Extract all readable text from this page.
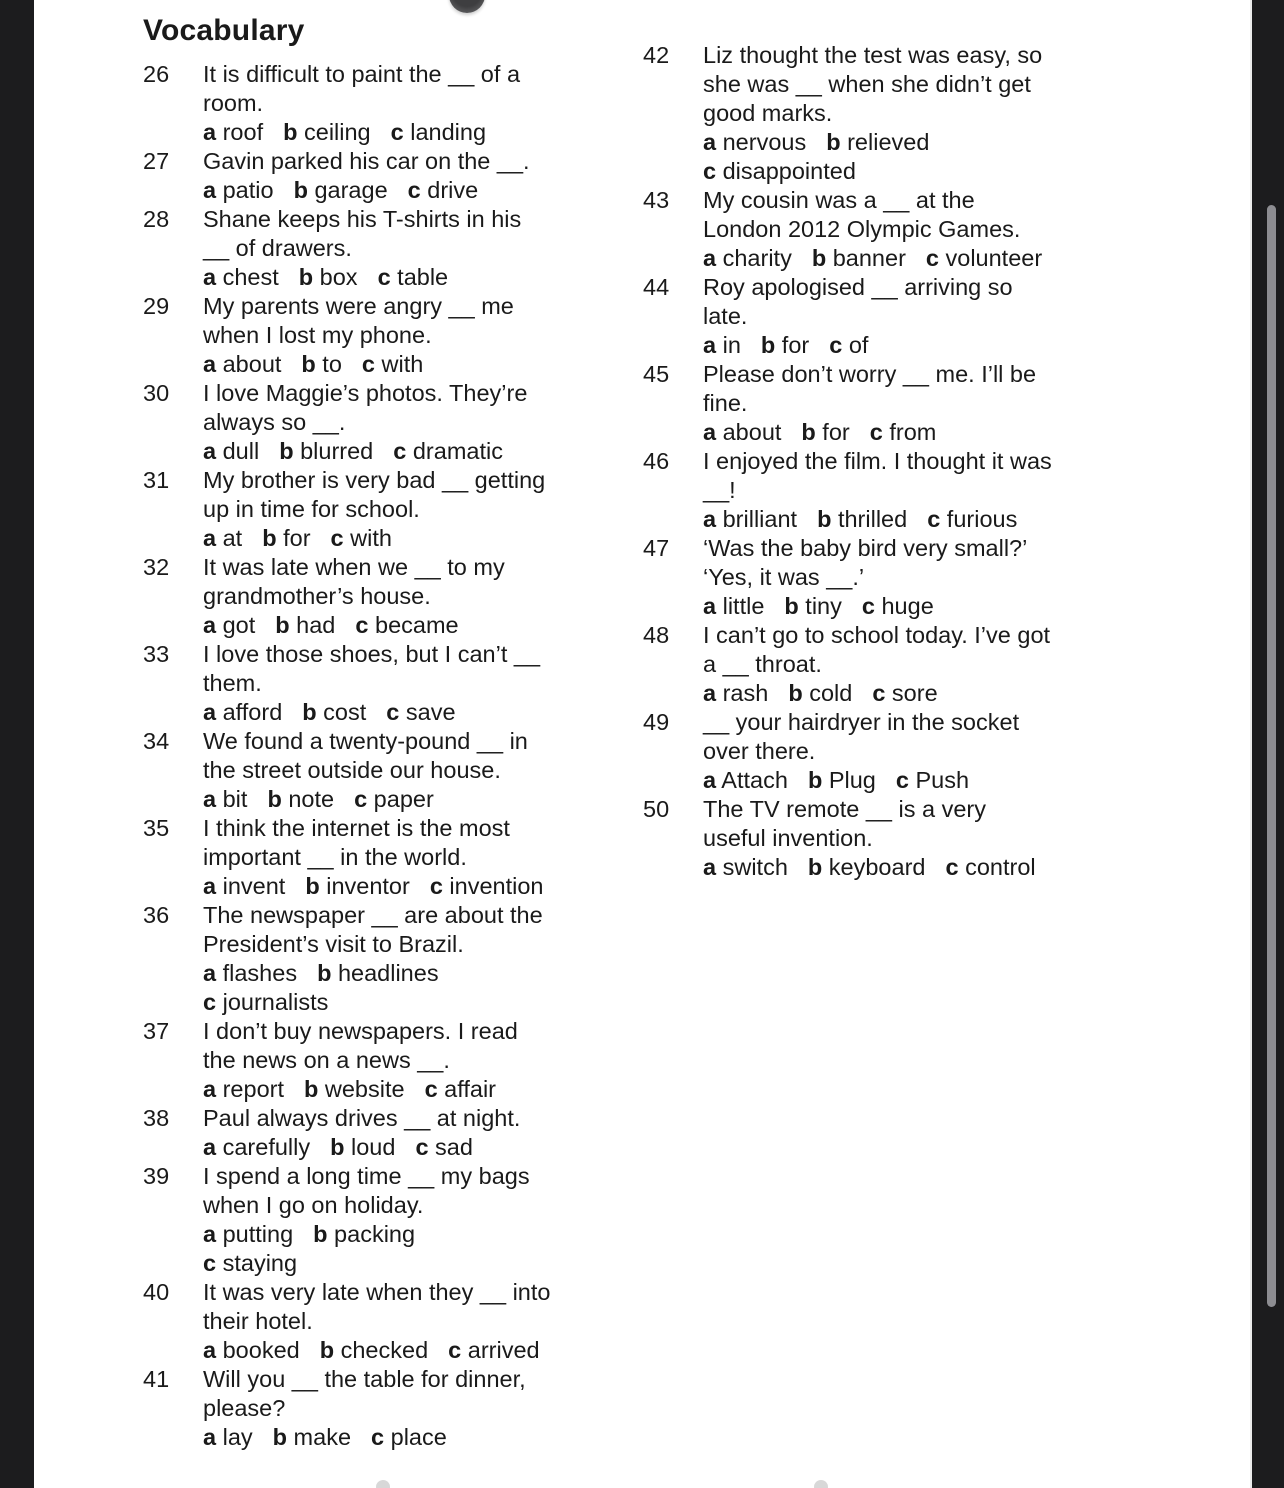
Vocabulary
26	It is difficult to paint the __ of a
room.
a roof b ceiling c landing
27	Gavin parked his car on the __.
a patio b garage c drive
28	Shane keeps his T-shirts in his
__ of drawers.
a chest b box c table
29	My parents were angry __ me
when I lost my phone.
a about b to c with
30	I love Maggie’s photos. They’re
always so __.
a dull b blurred c dramatic
31	My brother is very bad __ getting
up in time for school.
a at b for c with
32	It was late when we __ to my
grandmother’s house.
a got b had c became
33	I love those shoes, but I can’t __
them.
a afford b cost c save
34	We found a twenty-pound __ in
the street outside our house.
a bit b note c paper
35	I think the internet is the most
important __ in the world.
a invent b inventor c invention
36	The newspaper __ are about the
President’s visit to Brazil.
a flashes b headlines
c journalists
37	I don’t buy newspapers. I read
the news on a news __.
a report b website c affair
38	Paul always drives __ at night.
a carefully b loud c sad
39	I spend a long time __ my bags
when I go on holiday.
a putting b packing
c staying
40	It was very late when they __ into
their hotel.
a booked b checked c arrived
41	Will you __ the table for dinner,
please?
a lay b make c place
42	Liz thought the test was easy, so
she was __ when she didn’t get
good marks.
a nervous b relieved
c disappointed
43	My cousin was a __ at the
London 2012 Olympic Games.
a charity b banner c volunteer
44	Roy apologised __ arriving so
late.
a in b for c of
45	Please don’t worry __ me. I’ll be
fine.
a about b for c from
46	I enjoyed the film. I thought it was
__!
a brilliant b thrilled c furious
47	‘Was the baby bird very small?’
‘Yes, it was __.’
a little b tiny c huge
48	I can’t go to school today. I’ve got
a __ throat.
a rash b cold c sore
49	__ your hairdryer in the socket
over there.
a Attach b Plug c Push
50	The TV remote __ is a very
useful invention.
a switch b keyboard c control
